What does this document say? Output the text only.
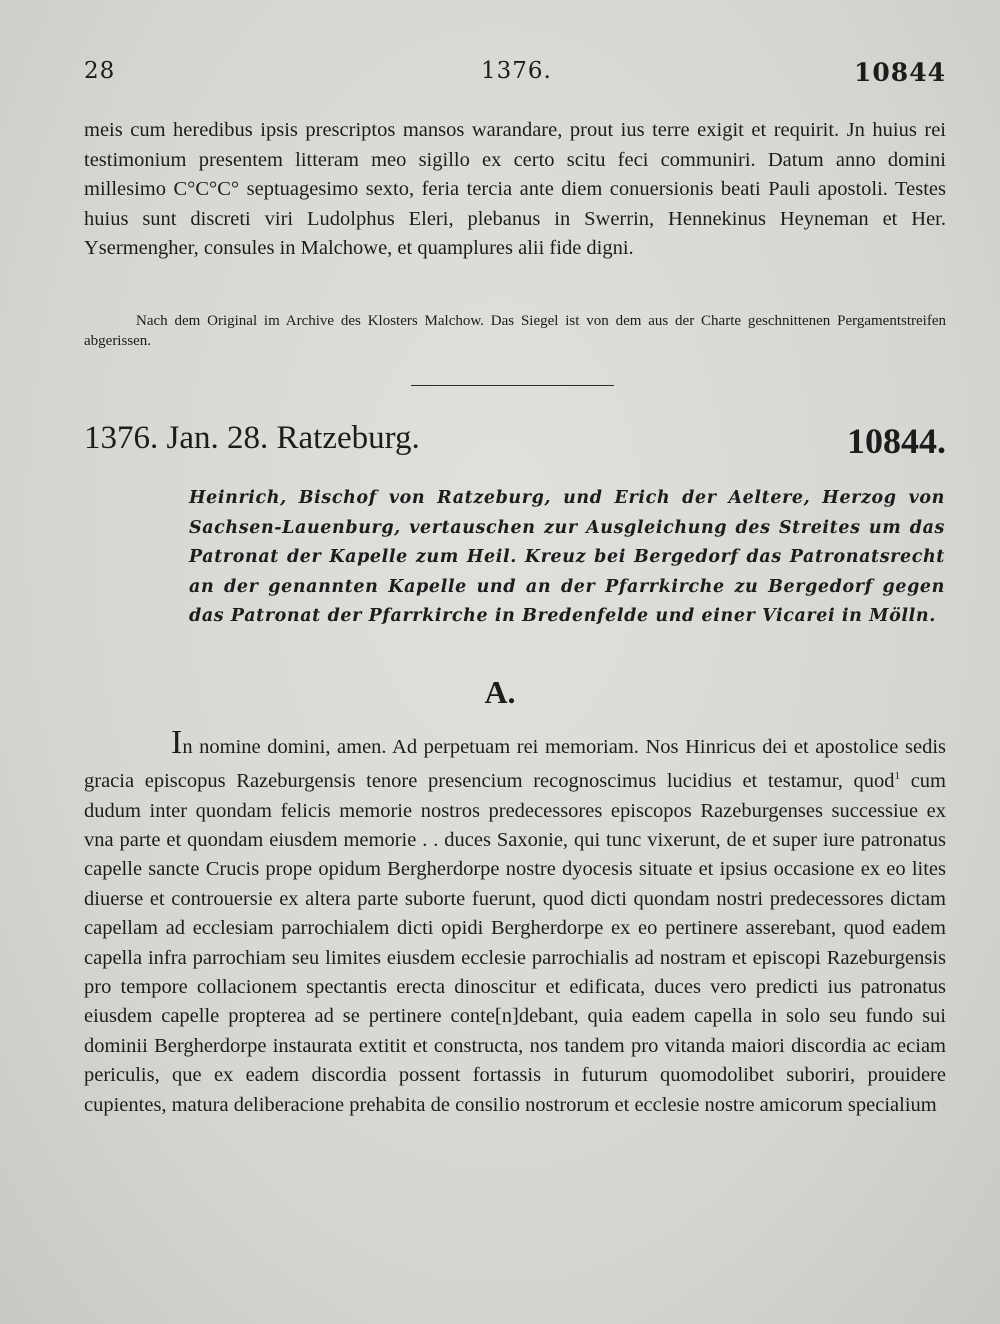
28	1376.	10844

meis cum heredibus ipsis prescriptos mansos warandare, prout ius terre exigit et requirit. Jn huius rei testimonium presentem litteram meo sigillo ex certo scitu feci communiri. Datum anno domini millesimo C°C°C° septuagesimo sexto, feria tercia ante diem conuersionis beati Pauli apostoli. Testes huius sunt discreti viri Ludolphus Eleri, plebanus in Swerrin, Hennekinus Heyneman et Her. Ysermengher, consules in Malchowe, et quamplures alii fide digni.

Nach dem Original im Archive des Klosters Malchow. Das Siegel ist von dem aus der Charte geschnittenen Pergamentstreifen abgerissen.

1376. Jan. 28. Ratzeburg.	10844.

Heinrich, Bischof von Ratzeburg, und Erich der Aeltere, Herzog von Sachsen-Lauenburg, vertauschen zur Ausgleichung des Streites um das Patronat der Kapelle zum Heil. Kreuz bei Bergedorf das Patronatsrecht an der genannten Kapelle und an der Pfarrkirche zu Bergedorf gegen das Patronat der Pfarrkirche in Bredenfelde und einer Vicarei in Mölln.

A.

In nomine domini, amen. Ad perpetuam rei memoriam. Nos Hinricus dei et apostolice sedis gracia episcopus Razeburgensis tenore presencium recognoscimus lucidius et testamur, quod$^1$ cum dudum inter quondam felicis memorie nostros predecessores episcopos Razeburgenses successiue ex vna parte et quondam eiusdem memorie . . duces Saxonie, qui tunc vixerunt, de et super iure patronatus capelle sancte Crucis prope opidum Bergherdorpe nostre dyocesis situate et ipsius occasione ex eo lites diuerse et controuersie ex altera parte suborte fuerunt, quod dicti quondam nostri predecessores dictam capellam ad ecclesiam parrochialem dicti opidi Bergherdorpe ex eo pertinere asserebant, quod eadem capella infra parrochiam seu limites eiusdem ecclesie parrochialis ad nostram et episcopi Razeburgensis pro tempore collacionem spectantis erecta dinoscitur et edificata, duces vero predicti ius patronatus eiusdem capelle propterea ad se pertinere conte[n]debant, quia eadem capella in solo seu fundo sui dominii Bergherdorpe instaurata extitit et constructa, nos tandem pro vitanda maiori discordia ac eciam periculis, que ex eadem discordia possent fortassis in futurum quomodolibet suboriri, prouidere cupientes, matura deliberacione prehabita de consilio nostrorum et ecclesie nostre amicorum specialium
